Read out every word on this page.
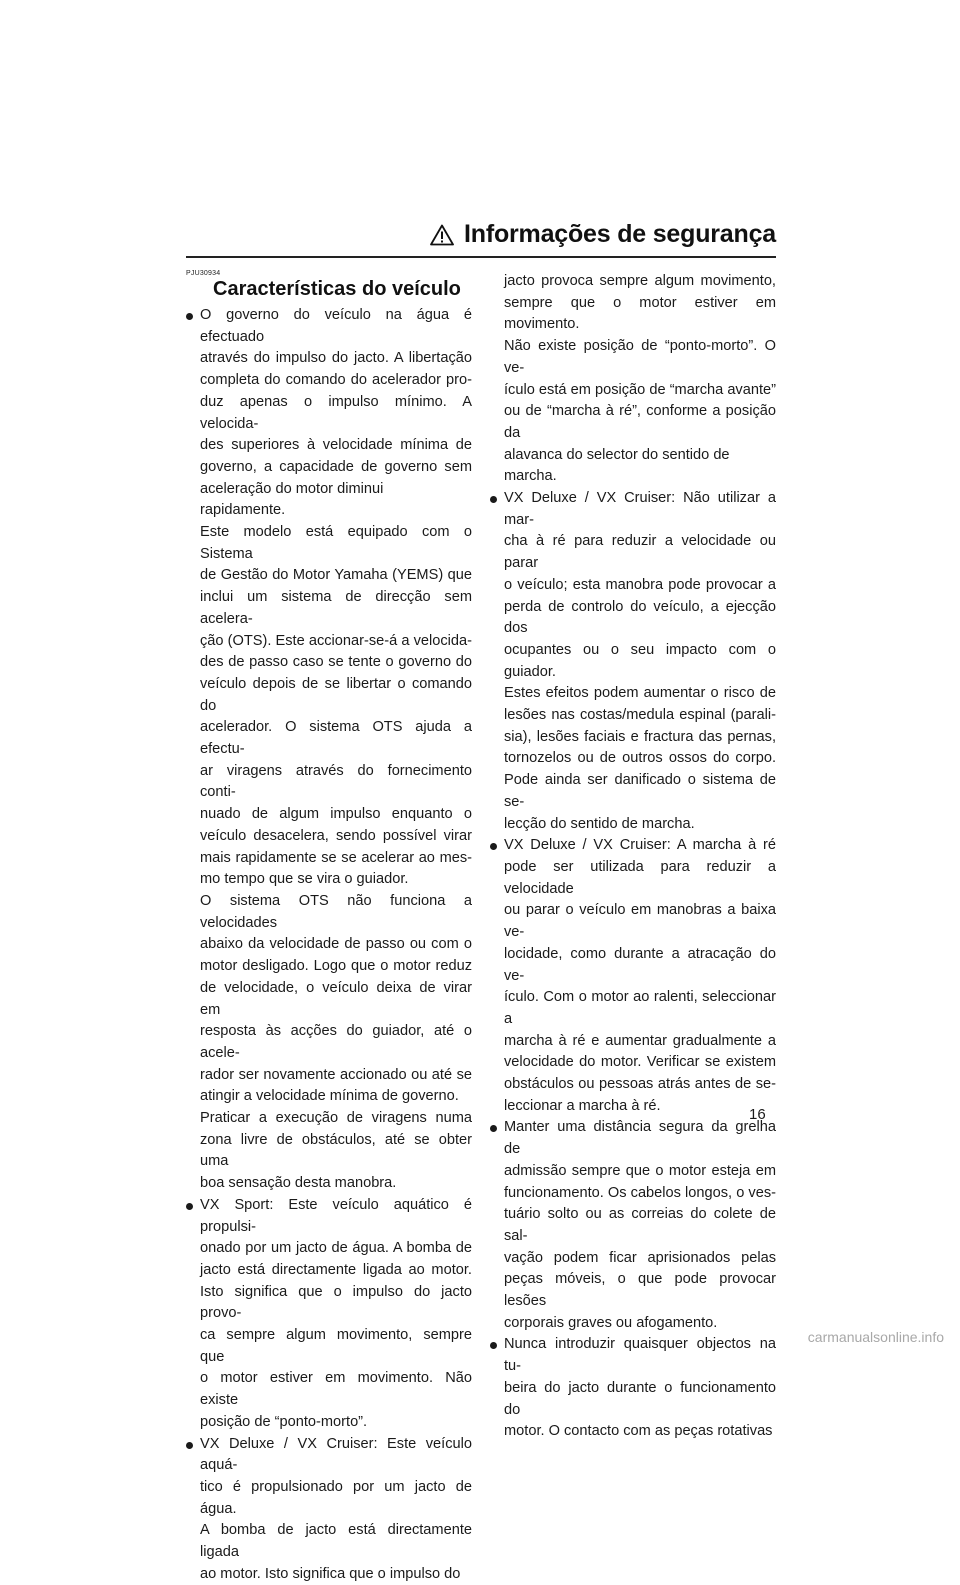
Informações de segurança
PJU30934
Características do veículo
O governo do veículo na água é efectuado
através do impulso do jacto. A libertação
completa do comando do acelerador pro-
duz apenas o impulso mínimo. A velocida-
des superiores à velocidade mínima de
governo, a capacidade de governo sem
aceleração do motor diminui rapidamente.
Este modelo está equipado com o Sistema
de Gestão do Motor Yamaha (YEMS) que
inclui um sistema de direcção sem acelera-
ção (OTS). Este accionar-se-á a velocida-
des de passo caso se tente o governo do
veículo depois de se libertar o comando do
acelerador. O sistema OTS ajuda a efectu-
ar viragens através do fornecimento conti-
nuado de algum impulso enquanto o
veículo desacelera, sendo possível virar
mais rapidamente se se acelerar ao mes-
mo tempo que se vira o guiador.
O sistema OTS não funciona a velocidades
abaixo da velocidade de passo ou com o
motor desligado. Logo que o motor reduz
de velocidade, o veículo deixa de virar em
resposta às acções do guiador, até o acele-
rador ser novamente accionado ou até se
atingir a velocidade mínima de governo.
Praticar a execução de viragens numa
zona livre de obstáculos, até se obter uma
boa sensação desta manobra.
VX Sport: Este veículo aquático é propulsi-
onado por um jacto de água. A bomba de
jacto está directamente ligada ao motor.
Isto significa que o impulso do jacto provo-
ca sempre algum movimento, sempre que
o motor estiver em movimento. Não existe
posição de “ponto-morto”.
VX Deluxe / VX Cruiser: Este veículo aquá-
tico é propulsionado por um jacto de água.
A bomba de jacto está directamente ligada
ao motor. Isto significa que o impulso do
jacto provoca sempre algum movimento,
sempre que o motor estiver em movimento.
Não existe posição de “ponto-morto”. O ve-
ículo está em posição de “marcha avante”
ou de “marcha à ré”, conforme a posição da
alavanca do selector do sentido de marcha.
VX Deluxe / VX Cruiser: Não utilizar a mar-
cha à ré para reduzir a velocidade ou parar
o veículo; esta manobra pode provocar a
perda de controlo do veículo, a ejecção dos
ocupantes ou o seu impacto com o guiador.
Estes efeitos podem aumentar o risco de
lesões nas costas/medula espinal (parali-
sia), lesões faciais e fractura das pernas,
tornozelos ou de outros ossos do corpo.
Pode ainda ser danificado o sistema de se-
lecção do sentido de marcha.
VX Deluxe / VX Cruiser: A marcha à ré
pode ser utilizada para reduzir a velocidade
ou parar o veículo em manobras a baixa ve-
locidade, como durante a atracação do ve-
ículo. Com o motor ao ralenti, seleccionar a
marcha à ré e aumentar gradualmente a
velocidade do motor. Verificar se existem
obstáculos ou pessoas atrás antes de se-
leccionar a marcha à ré.
Manter uma distância segura da grelha de
admissão sempre que o motor esteja em
funcionamento. Os cabelos longos, o ves-
tuário solto ou as correias do colete de sal-
vação podem ficar aprisionados pelas
peças móveis, o que pode provocar lesões
corporais graves ou afogamento.
Nunca introduzir quaisquer objectos na tu-
beira do jacto durante o funcionamento do
motor. O contacto com as peças rotativas
16
carmanualsonline.info
